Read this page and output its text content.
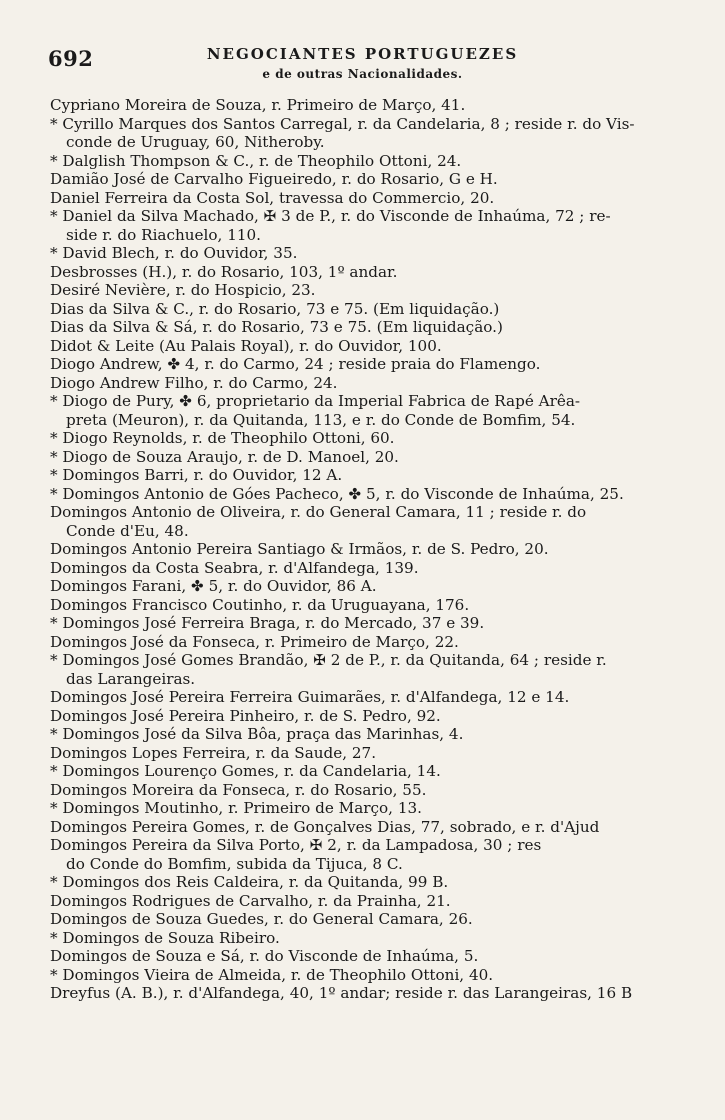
692	NEGOCIANTES PORTUGUEZES
e de outras Nacionalidades.
Cypriano Moreira de Souza, r. Primeiro de Março, 41.
* Cyrillo Marques dos Santos Carregal, r. da Candelaria, 8 ; reside r. do Vis-
conde de Uruguay, 60, Nitheroby.
* Dalglish Thompson & C., r. de Theophilo Ottoni, 24.
Damião José de Carvalho Figueiredo, r. do Rosario, G e H.
Daniel Ferreira da Costa Sol, travessa do Commercio, 20.
* Daniel da Silva Machado, ✠ 3 de P., r. do Visconde de Inhaúma, 72 ; re-
side r. do Riachuelo, 110.
* David Blech, r. do Ouvidor, 35.
Desbrosses (H.), r. do Rosario, 103, 1º andar.
Desiré Nevière, r. do Hospicio, 23.
Dias da Silva & C., r. do Rosario, 73 e 75. (Em liquidação.)
Dias da Silva & Sá, r. do Rosario, 73 e 75. (Em liquidação.)
Didot & Leite (Au Palais Royal), r. do Ouvidor, 100.
Diogo Andrew, ✤ 4, r. do Carmo, 24 ; reside praia do Flamengo.
Diogo Andrew Filho, r. do Carmo, 24.
* Diogo de Pury, ✤ 6, proprietario da Imperial Fabrica de Rapé Arêa-
preta (Meuron), r. da Quitanda, 113, e r. do Conde de Bomfim, 54.
* Diogo Reynolds, r. de Theophilo Ottoni, 60.
* Diogo de Souza Araujo, r. de D. Manoel, 20.
* Domingos Barri, r. do Ouvidor, 12 A.
* Domingos Antonio de Góes Pacheco, ✤ 5, r. do Visconde de Inhaúma, 25.
Domingos Antonio de Oliveira, r. do General Camara, 11 ; reside r. do
Conde d'Eu, 48.
Domingos Antonio Pereira Santiago & Irmãos, r. de S. Pedro, 20.
Domingos da Costa Seabra, r. d'Alfandega, 139.
Domingos Farani, ✤ 5, r. do Ouvidor, 86 A.
Domingos Francisco Coutinho, r. da Uruguayana, 176.
* Domingos José Ferreira Braga, r. do Mercado, 37 e 39.
Domingos José da Fonseca, r. Primeiro de Março, 22.
* Domingos José Gomes Brandão, ✠ 2 de P., r. da Quitanda, 64 ; reside r.
das Larangeiras.
Domingos José Pereira Ferreira Guimarães, r. d'Alfandega, 12 e 14.
Domingos José Pereira Pinheiro, r. de S. Pedro, 92.
* Domingos José da Silva Bôa, praça das Marinhas, 4.
Domingos Lopes Ferreira, r. da Saude, 27.
* Domingos Lourenço Gomes, r. da Candelaria, 14.
Domingos Moreira da Fonseca, r. do Rosario, 55.
* Domingos Moutinho, r. Primeiro de Março, 13.
Domingos Pereira Gomes, r. de Gonçalves Dias, 77, sobrado, e r. d'Ajud
Domingos Pereira da Silva Porto, ✠ 2, r. da Lampadosa, 30 ; res
do Conde do Bomfim, subida da Tijuca, 8 C.
* Domingos dos Reis Caldeira, r. da Quitanda, 99 B.
Domingos Rodrigues de Carvalho, r. da Prainha, 21.
Domingos de Souza Guedes, r. do General Camara, 26.
* Domingos de Souza Ribeiro.
Domingos de Souza e Sá, r. do Visconde de Inhaúma, 5.
* Domingos Vieira de Almeida, r. de Theophilo Ottoni, 40.
Dreyfus (A. B.), r. d'Alfandega, 40, 1º andar; reside r. das Larangeiras, 16 B
